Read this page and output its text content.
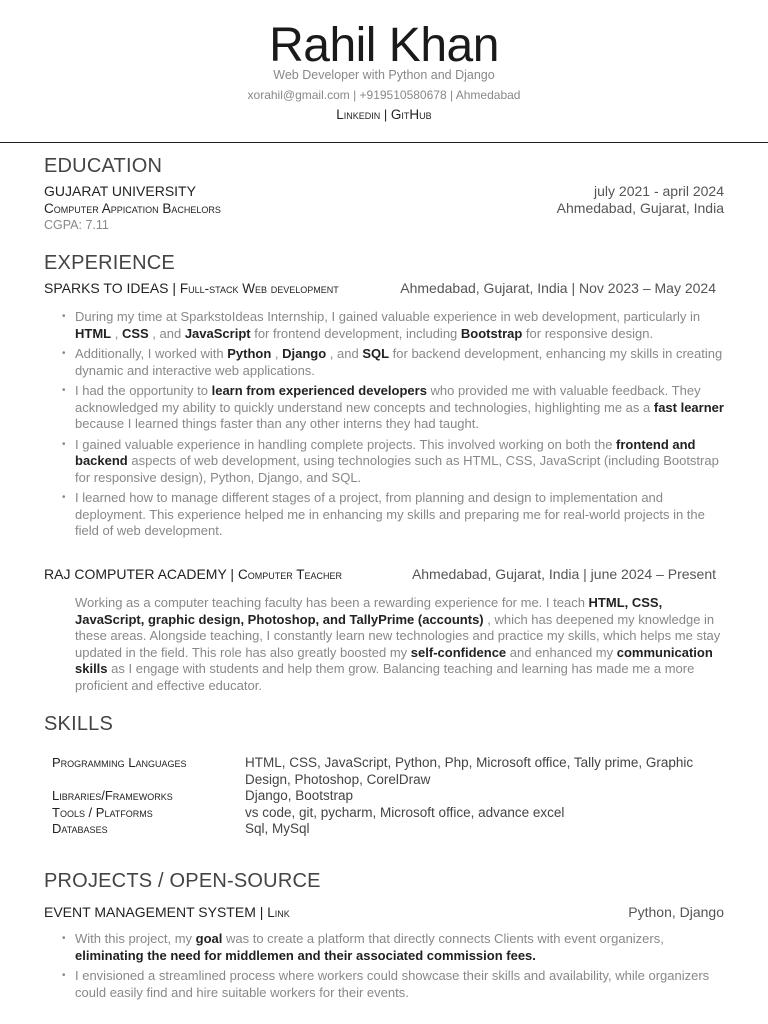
Rahil Khan
Web Developer with Python and Django
xorahil@gmail.com | +919510580678 | Ahmedabad
Linkedin | GitHub
EDUCATION
GUJARAT UNIVERSITY	july 2021 - april 2024
Computer Appication Bachelors	Ahmedabad, Gujarat, India
CGPA: 7.11
EXPERIENCE
SPARKS TO IDEAS | Full-stack Web development	Ahmedabad, Gujarat, India | Nov 2023 – May 2024
• During my time at SparkstoIdeas Internship, I gained valuable experience in web development, particularly in HTML , CSS , and JavaScript for frontend development, including Bootstrap for responsive design.
• Additionally, I worked with Python , Django , and SQL for backend development, enhancing my skills in creating dynamic and interactive web applications.
• I had the opportunity to learn from experienced developers who provided me with valuable feedback. They acknowledged my ability to quickly understand new concepts and technologies, highlighting me as a fast learner because I learned things faster than any other interns they had taught.
• I gained valuable experience in handling complete projects. This involved working on both the frontend and backend aspects of web development, using technologies such as HTML, CSS, JavaScript (including Bootstrap for responsive design), Python, Django, and SQL.
• I learned how to manage different stages of a project, from planning and design to implementation and deployment. This experience helped me in enhancing my skills and preparing me for real-world projects in the field of web development.
RAJ COMPUTER ACADEMY | Computer Teacher	Ahmedabad, Gujarat, India | june 2024 – Present
Working as a computer teaching faculty has been a rewarding experience for me. I teach HTML, CSS, JavaScript, graphic design, Photoshop, and TallyPrime (accounts) , which has deepened my knowledge in these areas. Alongside teaching, I constantly learn new technologies and practice my skills, which helps me stay updated in the field. This role has also greatly boosted my self-confidence and enhanced my communication skills as I engage with students and help them grow. Balancing teaching and learning has made me a more proficient and effective educator.
SKILLS
Programming Languages	HTML, CSS, JavaScript, Python, Php, Microsoft office, Tally prime, Graphic Design, Photoshop, CorelDraw
Libraries/Frameworks	Django, Bootstrap
Tools / Platforms	vs code, git, pycharm, Microsoft office, advance excel
Databases	Sql, MySql
PROJECTS / OPEN-SOURCE
EVENT MANAGEMENT SYSTEM | Link	Python, Django
• With this project, my goal was to create a platform that directly connects Clients with event organizers, eliminating the need for middlemen and their associated commission fees.
• I envisioned a streamlined process where workers could showcase their skills and availability, while organizers could easily find and hire suitable workers for their events.
